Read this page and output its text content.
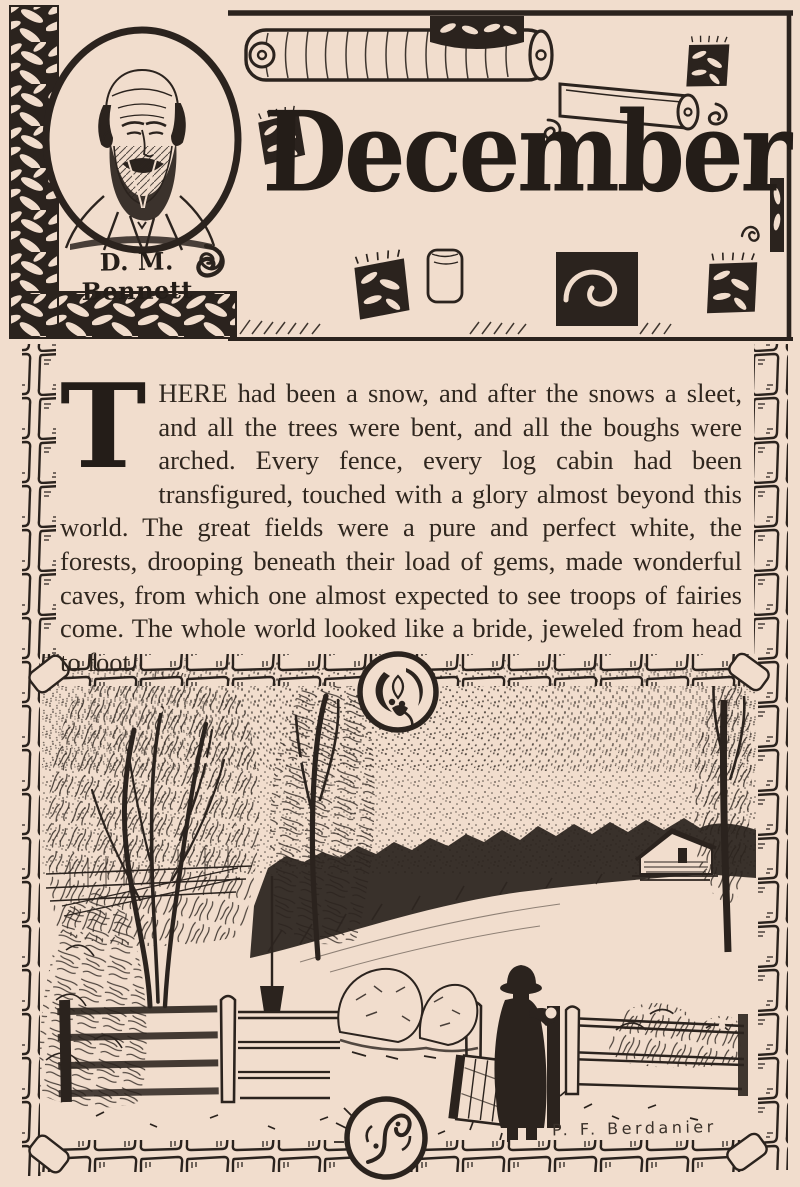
December
D. M. Bennett
THERE had been a snow, and after the snows a sleet, and all the trees were bent, and all the boughs were arched. Every fence, every log cabin had been transfigured, touched with a glory almost beyond this world. The great fields were a pure and perfect white, the forests, drooping beneath their load of gems, made wonderful caves, from which one almost expected to see troops of fairies come. The whole world looked like a bride, jeweled from head to foot.
P. F. Berdanier
